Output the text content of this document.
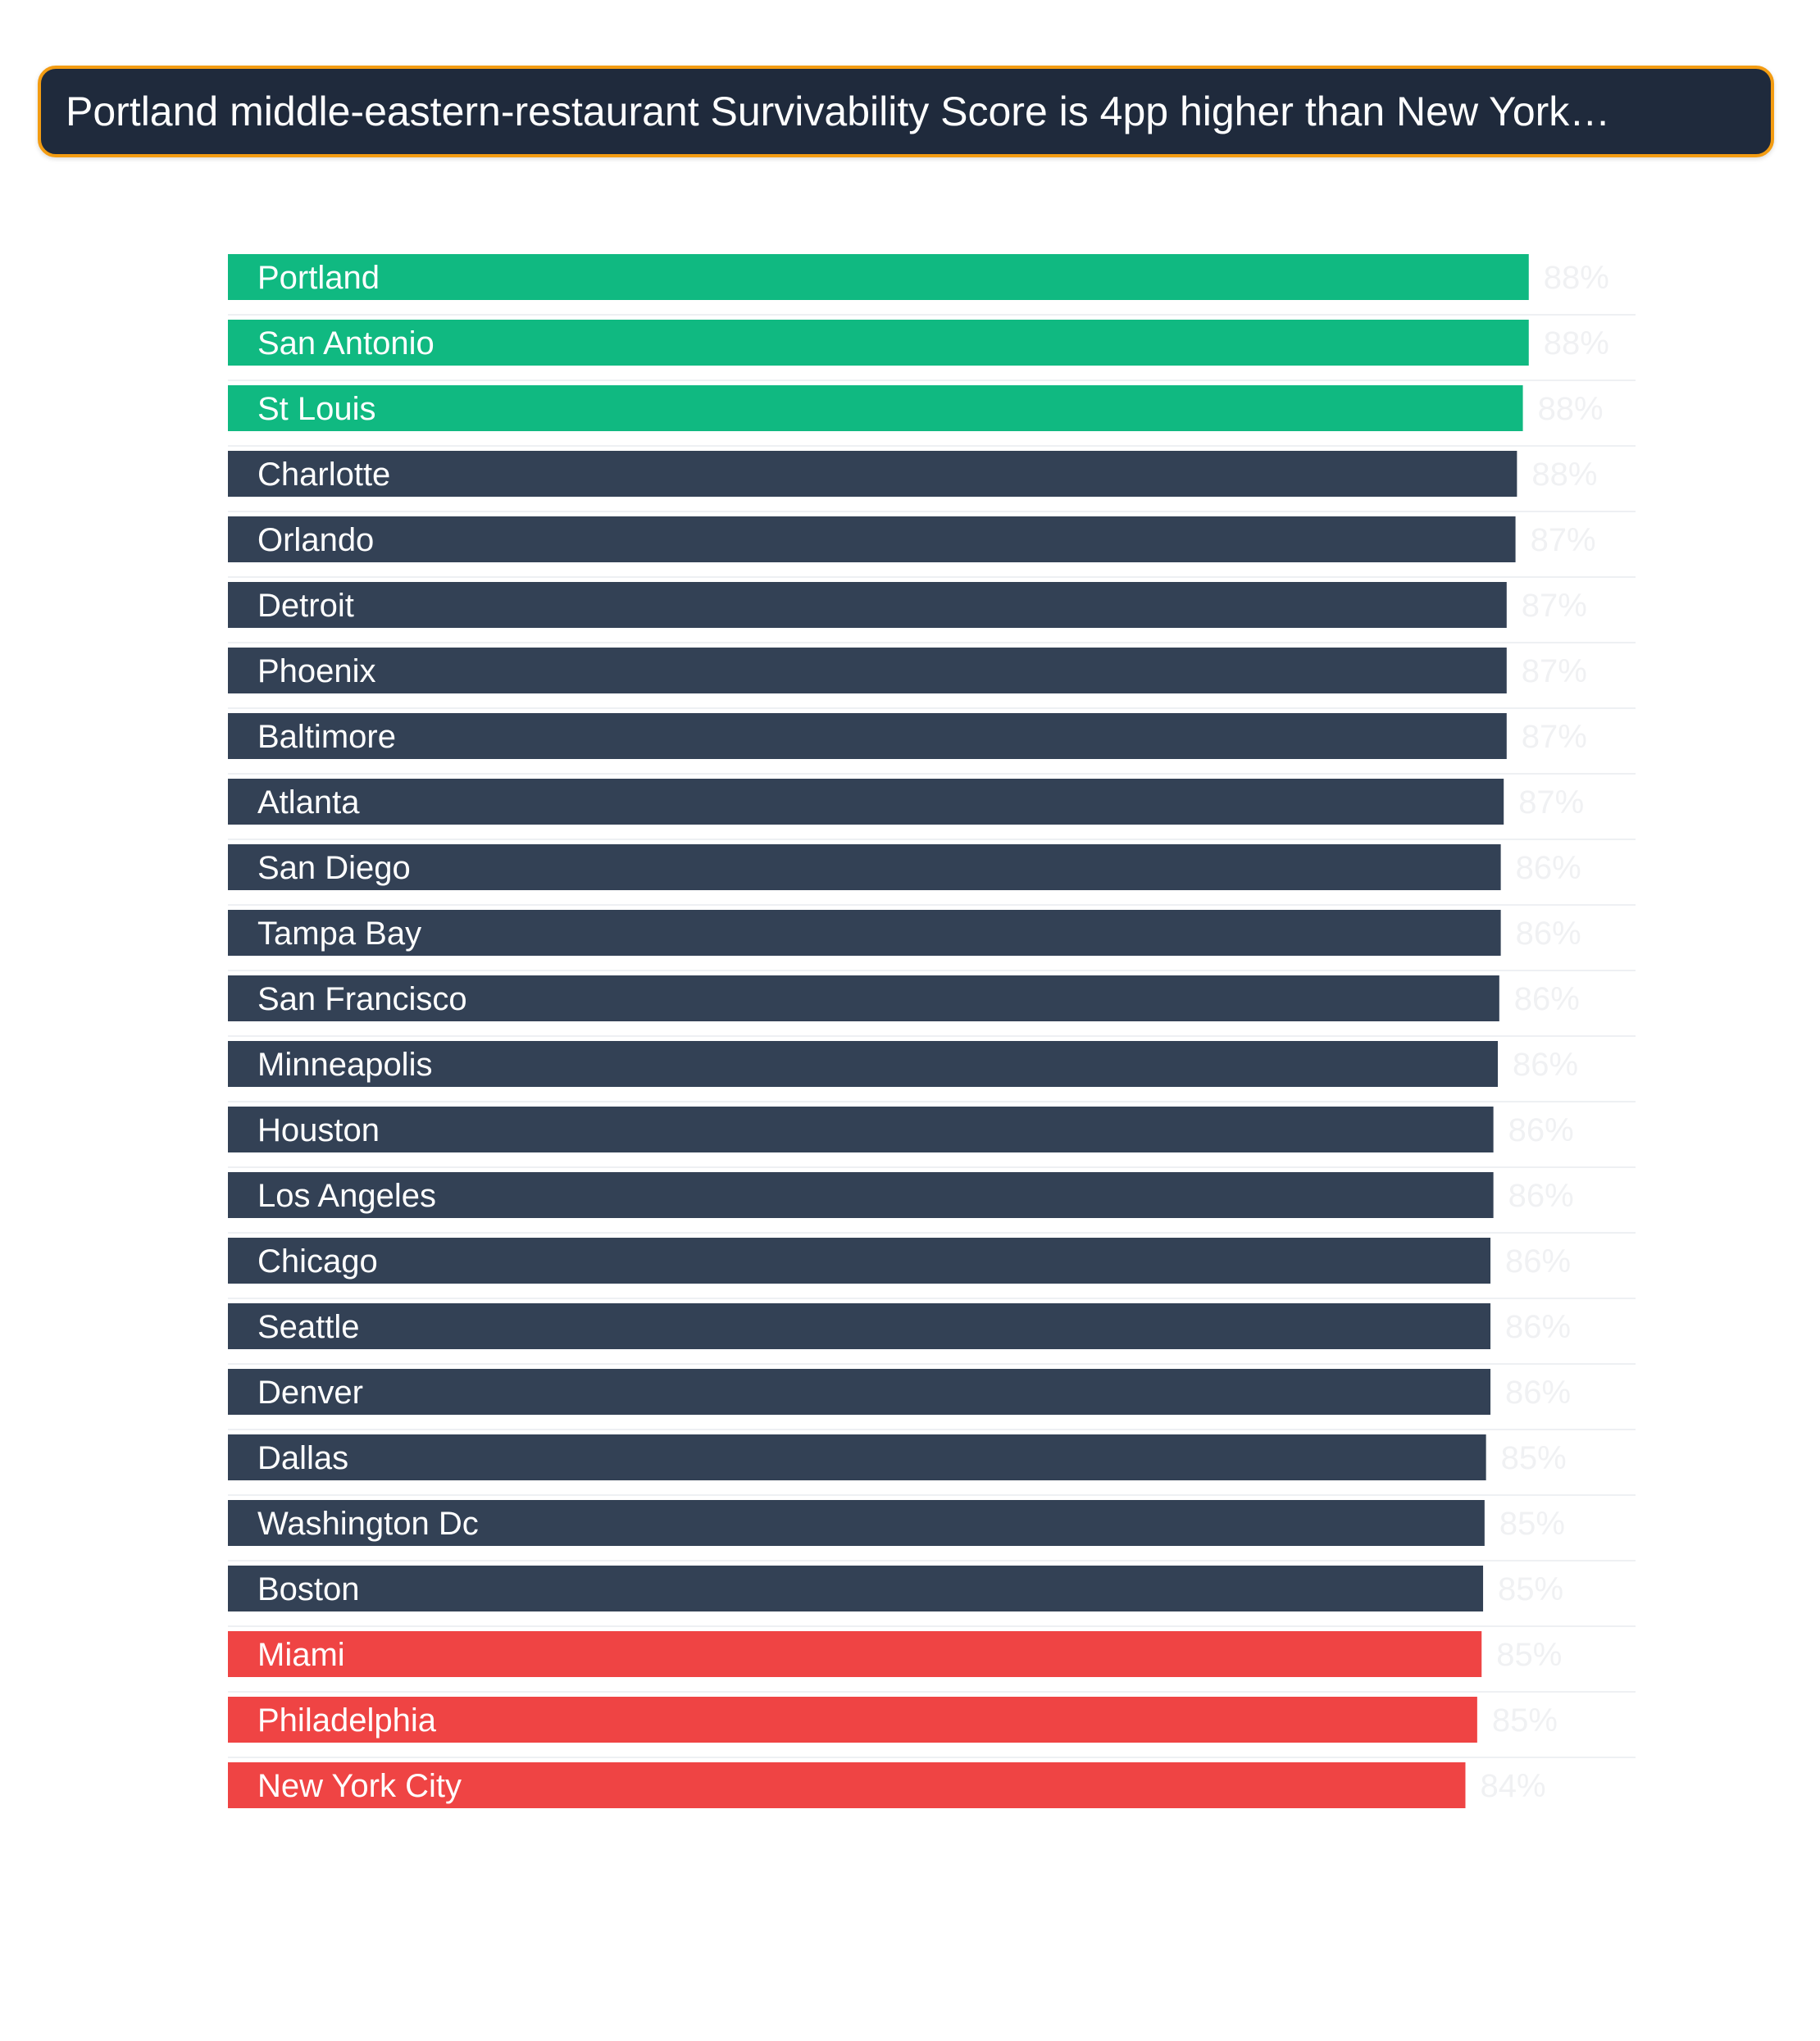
Portland middle-eastern-restaurant Survivability Score is 4pp higher than New York…
Portland	88%
San Antonio	88%
St Louis	88%
Charlotte	88%
Orlando	87%
Detroit	87%
Phoenix	87%
Baltimore	87%
Atlanta	87%
San Diego	86%
Tampa Bay	86%
San Francisco	86%
Minneapolis	86%
Houston	86%
Los Angeles	86%
Chicago	86%
Seattle	86%
Denver	86%
Dallas	85%
Washington Dc	85%
Boston	85%
Miami	85%
Philadelphia	85%
New York City	84%
